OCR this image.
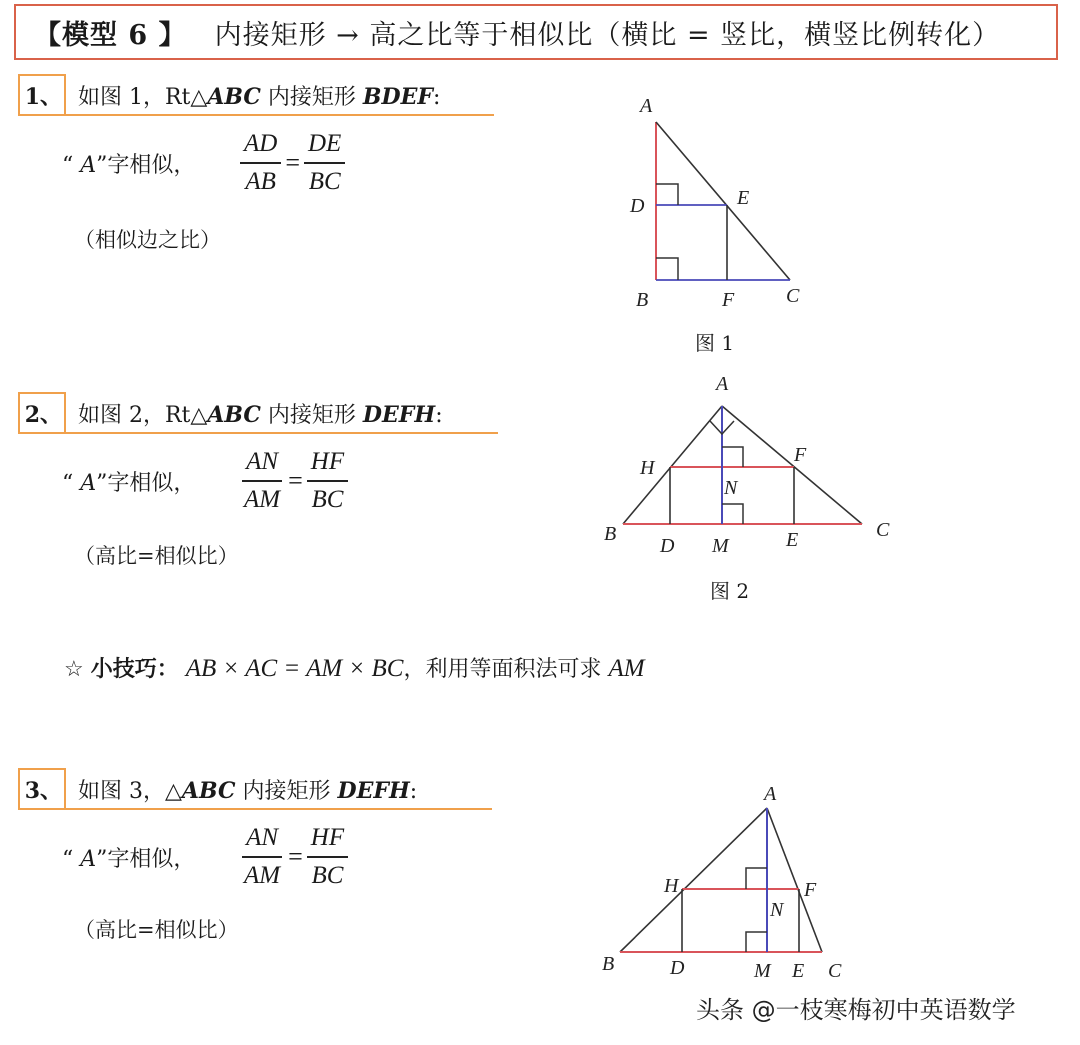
【模型 6 】 内接矩形 → 高之比等于相似比（横比 = 竖比，横竖比例转化）
1、 如图 1，Rt△ABC 内接矩形 BDEF:
“ A”字相似， $\frac{AD}{AB} = \frac{DE}{BC}$
（相似边之比）
A
D	E
B	F	C
图 1
2、 如图 2，Rt△ABC 内接矩形 DEFH:
“ A”字相似， $\frac{AN}{AM} = \frac{HF}{BC}$
（高比=相似比）
A
H
F
N
B
D M	E	C
图 2
☆ 小技巧： AB × AC = AM × BC，利用等面积法可求 AM
3、 如图 3，△ABC 内接矩形 DEFH:
“ A”字相似， $\frac{AN}{AM} = \frac{HF}{BC}$
（高比=相似比）
A
H	F
N
B	D	M E C
头条 @一枝寒梅初中英语数学
